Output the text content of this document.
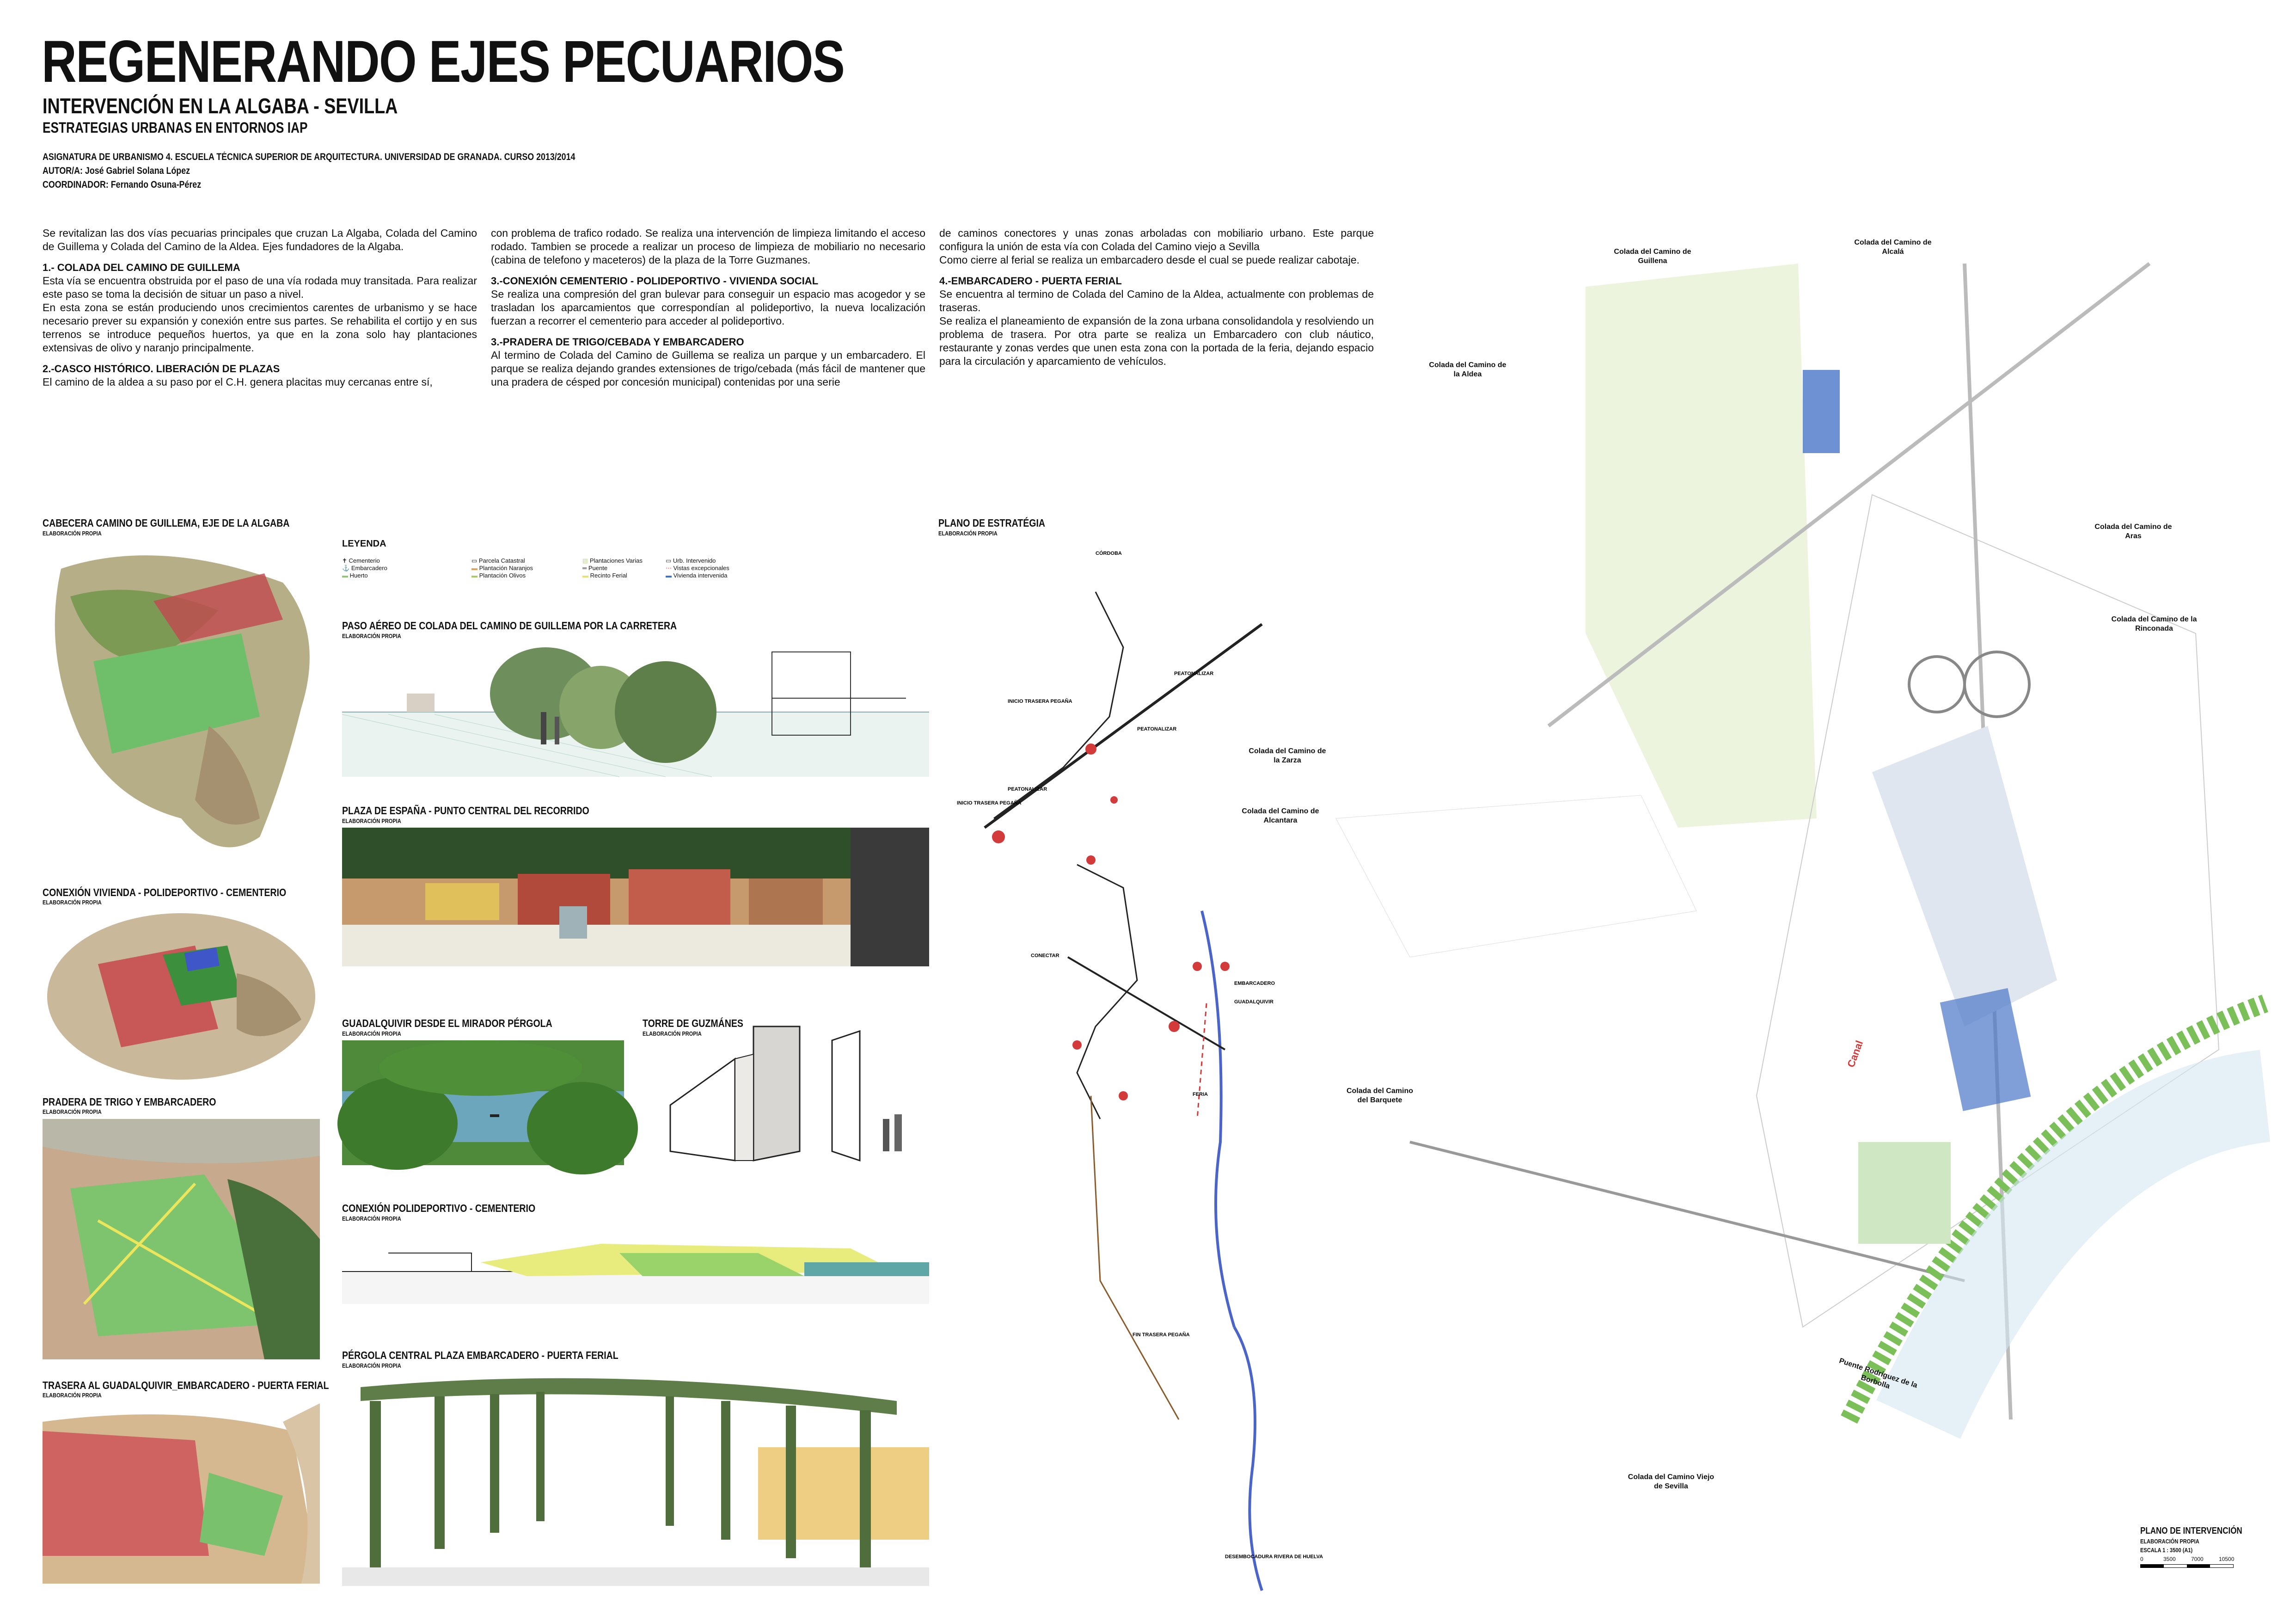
REGENERANDO EJES PECUARIOS
INTERVENCIÓN EN LA ALGABA - SEVILLA
ESTRATEGIAS URBANAS EN ENTORNOS IAP
ASIGNATURA DE URBANISMO 4. ESCUELA TÉCNICA SUPERIOR DE ARQUITECTURA. UNIVERSIDAD DE GRANADA. CURSO 2013/2014
AUTOR/A: José Gabriel Solana López
COORDINADOR: Fernando Osuna-Pérez

Se revitalizan las dos vías pecuarias principales que cruzan La Algaba, Colada del Camino de Guillema y Colada del Camino de la Aldea. Ejes fundadores de la Algaba.

1.- COLADA DEL CAMINO DE GUILLEMA

Esta vía se encuentra obstruida por el paso de una vía rodada muy transitada. Para realizar este paso se toma la decisión de situar un paso a nivel.

En esta zona se están produciendo unos crecimientos carentes de urbanismo y se hace necesario prever su expansión y conexión entre sus partes. Se rehabilita el cortijo y en sus terrenos se introduce pequeños huertos, ya que en la zona solo hay plantaciones extensivas de olivo y naranjo principalmente.

2.-CASCO HISTÓRICO. LIBERACIÓN DE PLAZAS

El camino de la aldea a su paso por el C.H. genera placitas muy cercanas entre sí,

con problema de trafico rodado. Se realiza una intervención de limpieza limitando el acceso rodado. Tambien se procede a realizar un proceso de limpieza de mobiliario no necesario (cabina de telefono y maceteros) de la plaza de la Torre Guzmanes.

3.-CONEXIÓN CEMENTERIO - POLIDEPORTIVO - VIVIENDA SOCIAL

Se realiza una compresión del gran bulevar para conseguir un espacio mas acogedor y se trasladan los aparcamientos que correspondían al polideportivo, la nueva localización fuerzan a recorrer el cementerio para acceder al polideportivo.

3.-PRADERA DE TRIGO/CEBADA Y EMBARCADERO

Al termino de Colada del Camino de Guillema se realiza un parque y un embarcadero. El parque se realiza dejando grandes extensiones de trigo/cebada (más fácil de mantener que una pradera de césped por concesión municipal) contenidas por una serie

de caminos conectores y unas zonas arboladas con mobiliario urbano. Este parque configura la unión de esta vía con Colada del Camino viejo a Sevilla

Como cierre al ferial se realiza un embarcadero desde el cual se puede realizar cabotaje.

4.-EMBARCADERO - PUERTA FERIAL

Se encuentra al termino de Colada del Camino de la Aldea, actualmente con problemas de traseras.

Se realiza el planeamiento de expansión de la zona urbana consolidandola y resolviendo un problema de trasera. Por otra parte se realiza un Embarcadero con club náutico, restaurante y zonas verdes que unen esta zona con la portada de la feria, dejando espacio para la circulación y aparcamiento de vehículos.

CABECERA CAMINO DE GUILLEMA, EJE DE LA ALGABA
ELABORACIÓN PROPIA
CONEXIÓN VIVIENDA - POLIDEPORTIVO - CEMENTERIO
ELABORACIÓN PROPIA
PRADERA DE TRIGO Y EMBARCADERO
ELABORACIÓN PROPIA
TRASERA AL GUADALQUIVIR_EMBARCADERO - PUERTA FERIAL
ELABORACIÓN PROPIA
LEYENDA
✝ Cementerio
⚓ Embarcadero
▬ Huerto
▭ Parcela Catastral
▬ Plantación Naranjos
▬ Plantación Olivos
▨ Plantaciones Varias
═ Puente
▬ Recinto Ferial
▭ Urb. Intervenido
⋯ Vistas excepcionales
▬ Vivienda intervenida
PASO AÉREO DE COLADA DEL CAMINO DE GUILLEMA POR LA CARRETERA
ELABORACIÓN PROPIA
PLAZA DE ESPAÑA - PUNTO CENTRAL DEL RECORRIDO
ELABORACIÓN PROPIA
GUADALQUIVIR DESDE EL MIRADOR PÉRGOLA
ELABORACIÓN PROPIA
TORRE DE GUZMÁNES
ELABORACIÓN PROPIA
CONEXIÓN POLIDEPORTIVO - CEMENTERIO
ELABORACIÓN PROPIA
PÉRGOLA CENTRAL PLAZA EMBARCADERO - PUERTA FERIAL
ELABORACIÓN PROPIA
PLANO DE ESTRATÉGIA
ELABORACIÓN PROPIA
CÓRDOBA
INICIO TRASERA PEGAÑA
INICIO TRASERA PEGAÑA
PEATONALIZAR
PEATONALIZAR
PEATONALIZAR
GUADALQUIVIR
EMBARCADERO
FERIA
FIN TRASERA PEGAÑA
DESEMBOCADURA RIVERA DE HUELVA
CONECTAR
Canal
Colada del Camino de Guillena
Colada del Camino de Alcalá
Colada del Camino de la Aldea
Colada del Camino de Aras
Colada del Camino de la Rinconada
Colada del Camino de la Zarza
Colada del Camino de Alcantara
Colada del Camino del Barquete
Colada del Camino Viejo de Sevilla
Puente Rodríguez de la Borbolla
PLANO DE INTERVENCIÓN
ELABORACIÓN PROPIA
ESCALA 1 : 3500 (A1)
0	3500	7000	10500
